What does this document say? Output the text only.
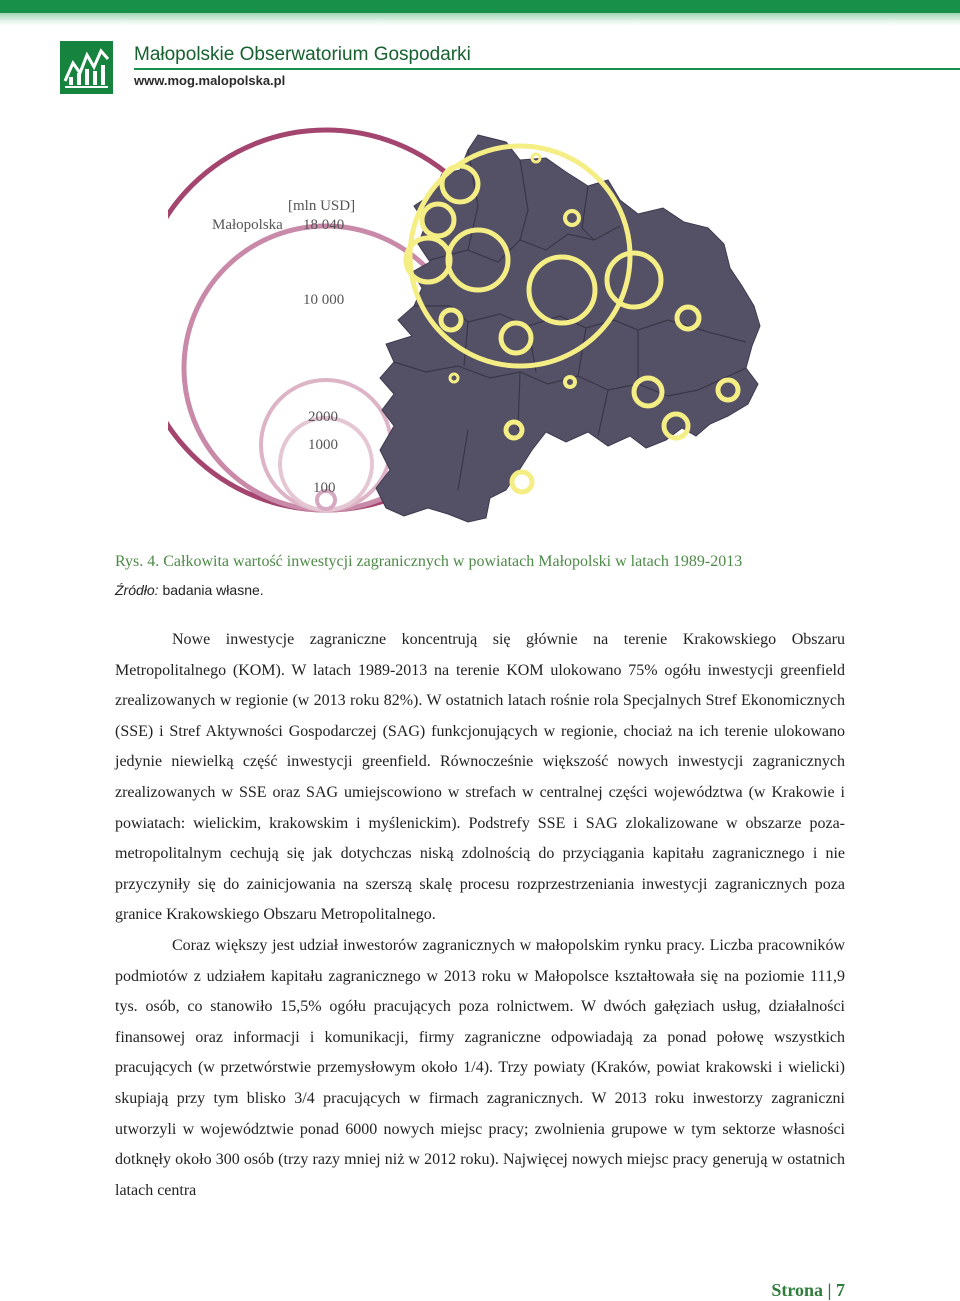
Małopolskie Obserwatorium Gospodarki
www.mog.malopolska.pl
[mln USD]
Małopolska 18 040
10 000
2000
1000
100
Rys. 4. Całkowita wartość inwestycji zagranicznych w powiatach Małopolski w latach 1989-2013
Źródło: badania własne.

Nowe inwestycje zagraniczne koncentrują się głównie na terenie Krakowskiego Obszaru Metropolitalnego (KOM). W latach 1989-2013 na terenie KOM ulokowano 75% ogółu inwestycji greenfield zrealizowanych w regionie (w 2013 roku 82%). W ostatnich latach rośnie rola Specjalnych Stref Ekonomicznych (SSE) i Stref Aktywności Gospodarczej (SAG) funkcjonujących w regionie, chociaż na ich terenie ulokowano jedynie niewielką część inwestycji greenfield. Równocześnie większość nowych inwestycji zagranicznych zrealizowanych w SSE oraz SAG umiejscowiono w strefach w centralnej części województwa (w Krakowie i powiatach: wielickim, krakowskim i myślenickim). Podstrefy SSE i SAG zlokalizowane w obszarze poza-metropolitalnym cechują się jak dotychczas niską zdolnością do przyciągania kapitału zagranicznego i nie przyczyniły się do zainicjowania na szerszą skalę procesu rozprzestrzeniania inwestycji zagranicznych poza granice Krakowskiego Obszaru Metropolitalnego.

Coraz większy jest udział inwestorów zagranicznych w małopolskim rynku pracy. Liczba pracowników podmiotów z udziałem kapitału zagranicznego w 2013 roku w Małopolsce kształtowała się na poziomie 111,9 tys. osób, co stanowiło 15,5% ogółu pracujących poza rolnictwem. W dwóch gałęziach usług, działalności finansowej oraz informacji i komunikacji, firmy zagraniczne odpowiadają za ponad połowę wszystkich pracujących (w przetwórstwie przemysłowym około 1/4). Trzy powiaty (Kraków, powiat krakowski i wielicki) skupiają przy tym blisko 3/4 pracujących w firmach zagranicznych. W 2013 roku inwestorzy zagraniczni utworzyli w województwie ponad 6000 nowych miejsc pracy; zwolnienia grupowe w tym sektorze własności dotknęły około 300 osób (trzy razy mniej niż w 2012 roku). Najwięcej nowych miejsc pracy generują w ostatnich latach centra

Strona | 7
